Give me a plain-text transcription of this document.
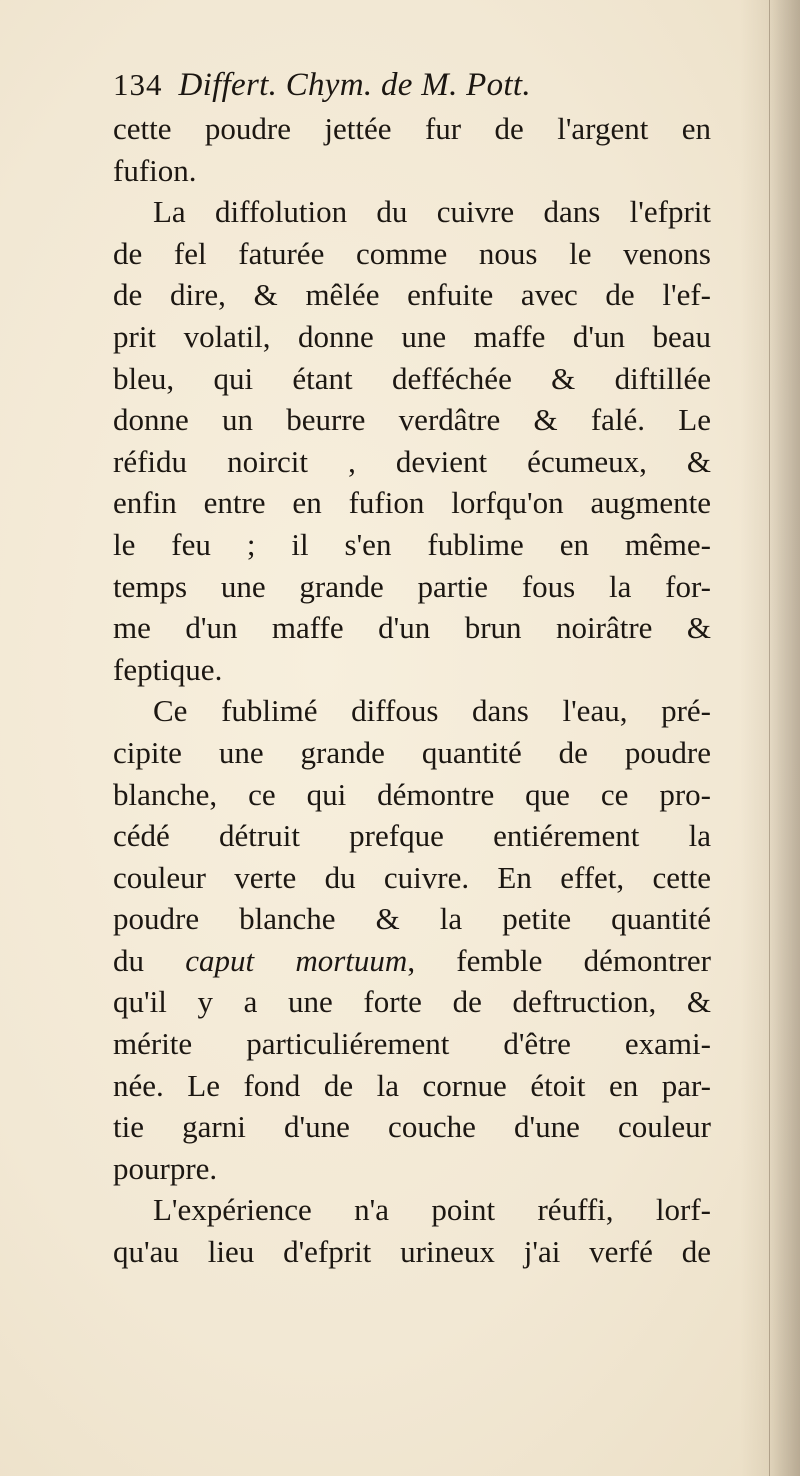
134 Differt. Chym. de M. Pott.
cette poudre jettée fur de l'argent en
fufion.
La diffolution du cuivre dans l'efprit
de fel faturée comme nous le venons
de dire, & mêlée enfuite avec de l'ef-
prit volatil, donne une maffe d'un beau
bleu, qui étant defféchée & diftillée
donne un beurre verdâtre & falé. Le
réfidu noircit , devient écumeux, &
enfin entre en fufion lorfqu'on augmente
le feu ; il s'en fublime en même-
temps une grande partie fous la for-
me d'un maffe d'un brun noirâtre &
feptique.
Ce fublimé diffous dans l'eau, pré-
cipite une grande quantité de poudre
blanche, ce qui démontre que ce pro-
cédé détruit prefque entiérement la
couleur verte du cuivre. En effet, cette
poudre blanche & la petite quantité
du caput mortuum, femble démontrer
qu'il y a une forte de deftruction, &
mérite particuliérement d'être exami-
née. Le fond de la cornue étoit en par-
tie garni d'une couche d'une couleur
pourpre.
L'expérience n'a point réuffi, lorf-
qu'au lieu d'efprit urineux j'ai verfé de
